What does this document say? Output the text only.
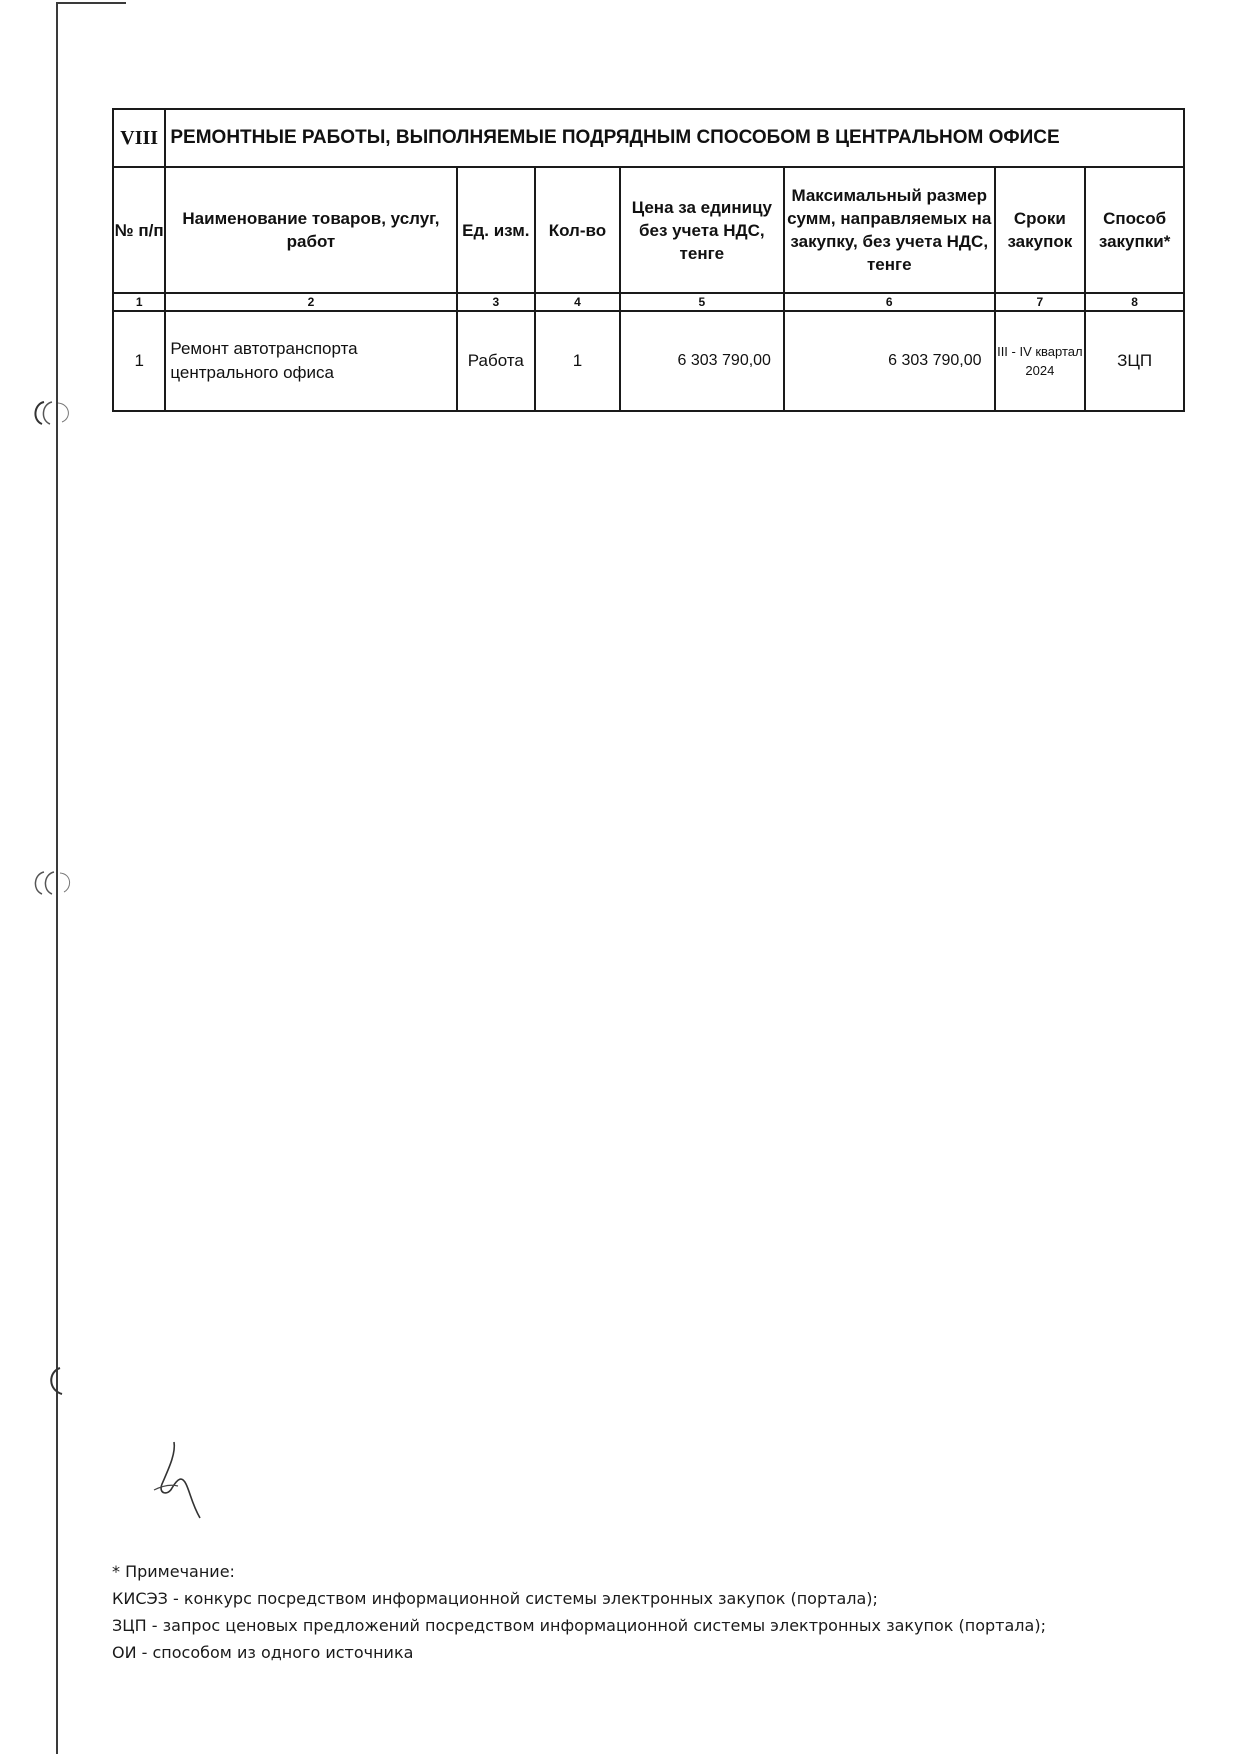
VIII	РЕМОНТНЫЕ РАБОТЫ, ВЫПОЛНЯЕМЫЕ ПОДРЯДНЫМ СПОСОБОМ В ЦЕНТРАЛЬНОМ ОФИСЕ						
№ п/п	Наименование товаров, услуг, работ	Ед. изм.	Кол-во	Цена за единицу без учета НДС, тенге	Максимальный размер сумм, направляемых на закупку, без учета НДС, тенге	Сроки закупок	Способ закупки*
1	2	3	4	5	6	7	8
1	Ремонт автотранспорта центрального офиса	Работа	1	6 303 790,00	6 303 790,00	III - IV квартал 2024	ЗЦП
* Примечание:
КИСЭЗ - конкурс посредством информационной системы электронных закупок (портала);
ЗЦП - запрос ценовых предложений посредством информационной системы электронных закупок (портала);
ОИ - способом из одного источника
